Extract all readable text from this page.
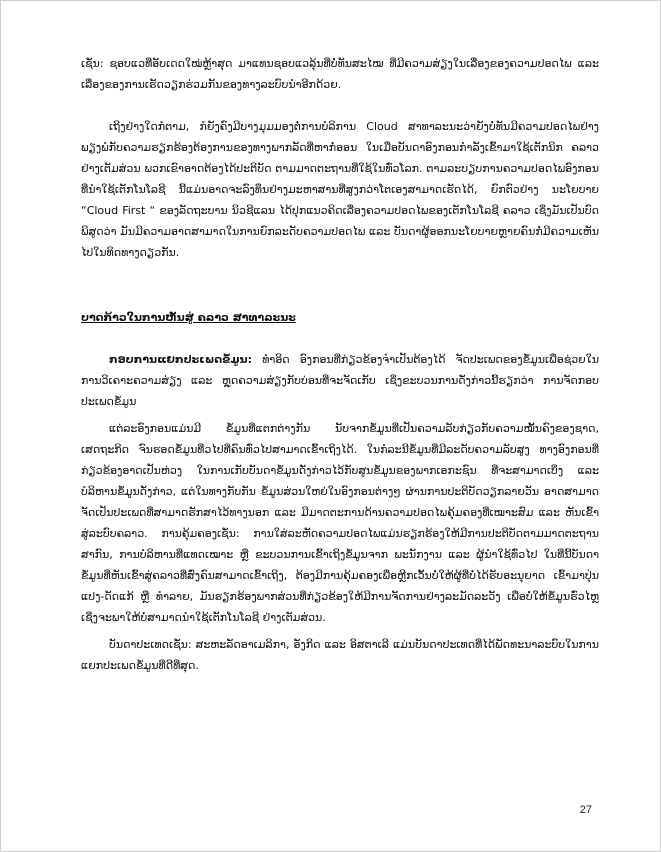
ເຊັ່ນ: ຊອບແວທີ່ອັບເດດໃໝ່ຫຼ້າສຸດ ມາແທນຊອບແວລຸ້ນທີ່ບໍ່ທັນສະໄໝ ທີ່ມີຄວາມສ່ຽງໃນເລື່ອງຂອງຄວາມປອດໄພ ແລະ ເລື່ອງຂອງການເຮັດວຽກຮ່ວມກັນຂອງທາງລະບົບນຳອີກດ້ວຍ.

ເຖິງຢ່າງໃດກໍຕາມ, ກໍຍັງຄົງມີບາງມຸມມອງຕໍ່ການບໍລິການ Cloud ສາທາລະນະວ່າຍັງບໍ່ທັນມີຄວາມປອດໄພຢ່າງພຽງພໍກັບຄວາມຮຽກຮ້ອງຕ້ອງການຂອງທາງພາກລັດທີ່ຫາກໍ່ອອນ ໃນເມື່ອບັນດາອົງກອນກຳລັງເຂົ້າມາໃຊ້ເຕັກນິກ ຄລາວ ຢ່າງເຕັມສ່ວນ ພວກເຂົາອາດຕ້ອງໄດ້ປະຕິບັດ ຕາມມາດຕະຖານທີ່ໃຊ້ໃນທົ່ວໂລກ. ຕາມລະບຽບການຄວາມປອດໄພອົງກອນທີ່ນຳໃຊ້ເຕັກໂນໂລຊີ ນີ້ແມ່ນອາດຈະລົງທຶນຢ່າງມະຫາສານທີ່ສູງກວ່າໂຕເອງສາມາດເຮັດໄດ້, ຍົກຕົວຢ່າງ ນະໂຍບາຍ “Cloud First “ ຂອງລັດຖະບານ ນິວຊີແລນ ໄດ້ປຸກແນວຄິດເລື່ອງຄວາມປອດໄພຂອງເຕັກໂນໂລຊີ ຄລາວ ເຊິ່ງມັນເປັນບົດພິສູດວ່າ ມັນມີຄວາມອາດສາມາດໃນການຍົກລະດັບຄວາມປອດໄພ ແລະ ບັນດາຜູ້ອອກນະໂຍບາຍຫຼາຍຄົນກໍ່ມີຄວາມເຫັນໄປໃນທິດທາງດຽວກັນ.

ບາດກ້າວໃນການຫັນສູ່ ຄລາວ ສາທາລະນະ

ກອບການແຍກປະເພດຂໍ້ມູນ: ທຳອິດ ອົງກອນທີ່ກ່ຽວຂ້ອງຈຳເປັນຕ້ອງໄດ້ ຈັດປະເພດຂອງຂໍ້ມູນເພື່ອຊ່ວຍໃນການວິເຄາະຄວາມສ່ຽງ ແລະ ຫຼຸດຄວາມສ່ຽງກັບບ່ອນທີ່ຈະຈັດເກັບ ເຊິ່ງຂະບວນການດັ່ງກ່າວນີ້ຮຽກວ່າ ການຈັດກອບປະເພດຂໍ້ມູນ

ແຕ່ລະອົງກອນແມ່ນມີ ຂໍ້ມູນທີ່ແຕກຕ່າງກັນ ນັບຈາກຂໍ້ມູນທີ່ເປັນຄວາມລັບກ່ຽວກັບຄວາມໝັ້ນຄົງຂອງຊາດ, ເສດຖະກິດ ຈົນຮອດຂໍ້ມູນທີ່ວໄປທີ່ຄົນທົ່ວໄປສາມາດເຂົ້າເຖິງໄດ້. ໃນກໍລະນີຂໍ້ມູນທີ່ມີລະດັບຄວາມລັບສູງ ທາງອົງກອນທີ່ກ່ຽວຂ້ອງອາດເປັນຫ່ວງ ໃນການເກັບບັນດາຂໍ້ມູນດັ່ງກ່າວໄວ້ກັບສູນຂໍ້ມູນຂອງພາກເອກະຊົນ ທີ່ຈະສາມາດເບິ່ງ ແລະ ບໍລິຫານຂໍ້ມູນດັ່ງກ່າວ, ແຕ່ໃນທາງກັບກັນ ຂໍ້ມູນສ່ວນໃຫຍ່ໃນອົງກອນຕ່າງໆ ຜ່ານການປະຕິບັດວຽກລາຍວັນ ອາດສາມາດຈັດເປັນປະເພດທີ່ສາມາດຮັກສາໄວ້ທາງນອກ ແລະ ມີມາດຕະການດ້ານຄວາມປອດໄພຄຸ້ມຄອງທີ່ເໝາະສົມ ແລະ ຫັນເຂົ້າສູ່ລະບົບຄລາວ. ການຄຸ້ມຄອງເຊັ່ນ: ການໃສ່ລະຫັດຄວາມປອດໄພແມ່ນຮຽກຮ້ອງໃຫ້ມີການປະຕິບັດຕາມມາດຕະຖານສາກົນ, ການບໍລິຫານທີ່ແທດເໝາະ ຫຼື ຂະບວນການເຂົ້າເຖິງຂໍ້ມູນຈາກ ພະນັກງານ ແລະ ຜູ້ນຳໃຊ້ທົ່ວໄປ ໃນທີ່ນີ້ບັນດາຂໍ້ມູນທີ່ຫັນເຂົ້າສູ່ຄລາວທີ່ສົ່ງຄົນສາມາດເຂົ້າເຖິງ, ຕ້ອງມີການຄຸ້ມຄອງເພື່ອຫຼີກເວັ້ນບໍ່ໃຫ້ຜູ້ທີ່ບໍ່ໄດ້ຮັບອະນຸຍາດ ເຂົ້າມາປຸ່ນແປງ-ດັດແກ້ ຫຼື ທຳລາຍ, ມັນຮຽກຮ້ອງພາກສ່ວນທີ່ກ່ຽວຂ້ອງໃຫ້ມີການຈັດການຢ່າງລະມັດລະວັງ ເພື່ອບໍ່ໃຫ້ຂໍ້ມູນຮົ່ວໄຫຼ ເຊິ່ງຈະພາໃຫ້ບໍ່ສາມາດນຳໃຊ້ເຕັກໂນໂລຊີ ຢ່າງເຕັມສ່ວນ.

ບັນດາປະເທດເຊັ່ນ: ສະຫະລັດອາເມລິກາ, ອັງກິດ ແລະ ອິສຕາເລີ ແມ່ນບັນດາປະເທດທີ່ໄດ້ພັດທະນາລະບົບໃນການແຍກປະເພດຂໍ້ມູນທີ່ດີທີ່ສຸດ.

27
